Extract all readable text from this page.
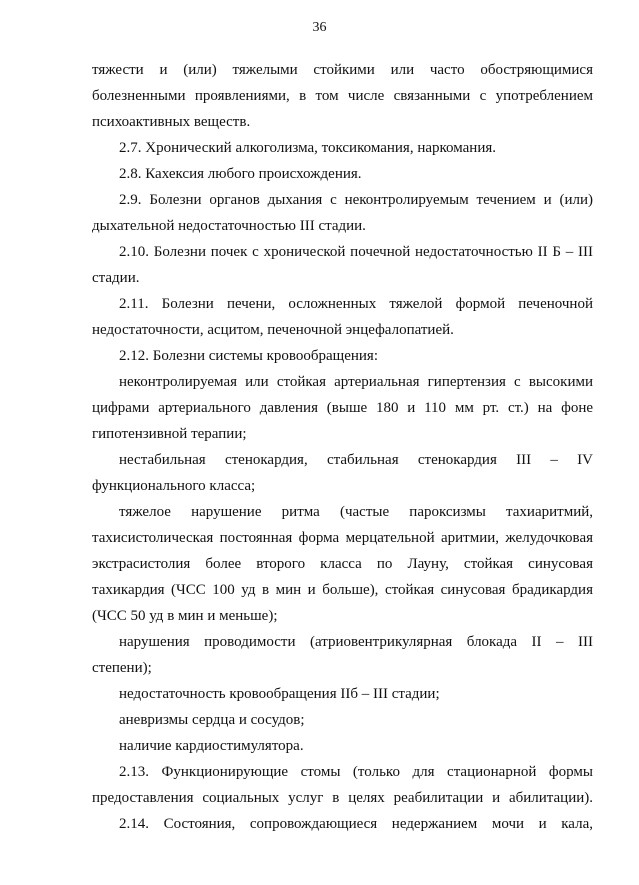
36
тяжести и (или) тяжелыми стойкими или часто обостряющимися
болезненными проявлениями, в том числе связанными с употреблением
психоактивных веществ.
2.7. Хронический алкоголизма, токсикомания, наркомания.
2.8. Кахексия любого происхождения.
2.9. Болезни органов дыхания с неконтролируемым течением и (или)
дыхательной недостаточностью III стадии.
2.10. Болезни почек с хронической почечной недостаточностью II Б – III
стадии.
2.11. Болезни печени, осложненных тяжелой формой печеночной
недостаточности, асцитом, печеночной энцефалопатией.
2.12. Болезни системы кровообращения:
неконтролируемая или стойкая артериальная гипертензия с высокими
цифрами артериального давления (выше 180 и 110 мм рт. ст.) на фоне
гипотензивной терапии;
нестабильная стенокардия, стабильная стенокардия III – IV
функционального класса;
тяжелое нарушение ритма (частые пароксизмы тахиаритмий,
тахисистолическая постоянная форма мерцательной аритмии, желудочковая
экстрасистолия более второго класса по Лауну, стойкая синусовая
тахикардия (ЧСС 100 уд в мин и больше), стойкая синусовая брадикардия
(ЧСС 50 уд в мин и меньше);
нарушения проводимости (атриовентрикулярная блокада II – III
степени);
недостаточность кровообращения IIб – III стадии;
аневризмы сердца и сосудов;
наличие кардиостимулятора.
2.13. Функционирующие стомы (только для стационарной формы
предоставления социальных услуг в целях реабилитации и абилитации).
2.14. Состояния, сопровождающиеся недержанием мочи и кала,
